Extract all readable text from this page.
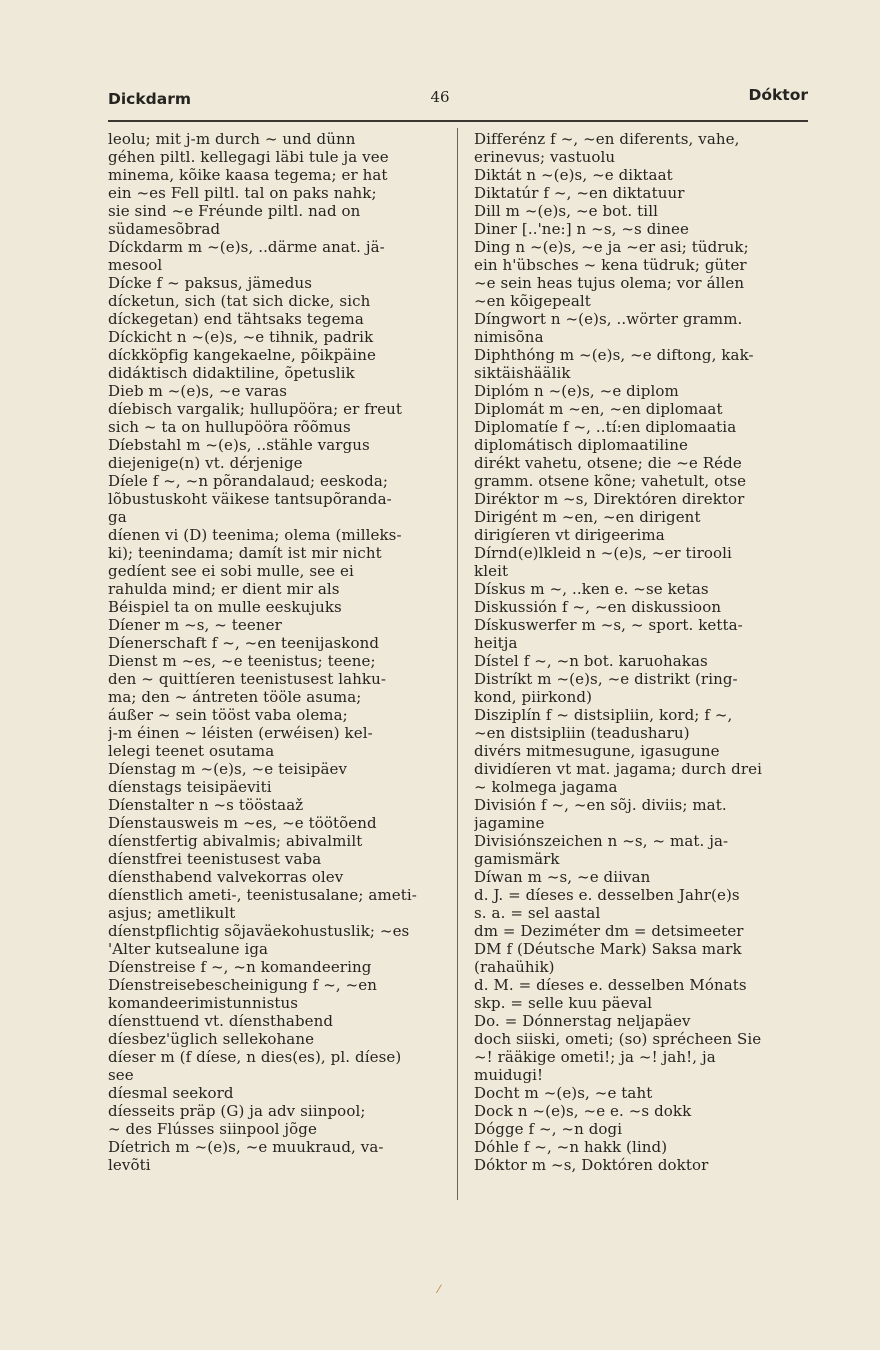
Dickdarm	46	Dóktor
leolu; mit j-m durch ~ und dünn
géhen piltl. kellegagi läbi tule ja vee
minema, kõike kaasa tegema; er hat
ein ~es Fell piltl. tal on paks nahk;
sie sind ~e Fréunde piltl. nad on
südamesõbrad
Díckdarm m ~(e)s, ..därme anat. jä-
mesool
Dícke f ~ paksus, jämedus
dícketun, sich (tat sich dicke, sich
díckegetan) end tähtsaks tegema
Díckicht n ~(e)s, ~e tihnik, padrik
díckköpfig kangekaelne, põikpäine
didáktisch didaktiline, õpetuslik
Dieb m ~(e)s, ~e varas
díebisch vargalik; hullupööra; er freut
sich ~ ta on hullupööra rõõmus
Díebstahl m ~(e)s, ..stähle vargus
diejenige(n) vt. dérjenige
Díele f ~, ~n põrandalaud; eeskoda;
lõbustuskoht väikese tantsupõranda-
ga
díenen vi (D) teenima; olema (milleks-
ki); teenindama; damít ist mir nicht
gedíent see ei sobi mulle, see ei
rahulda mind; er dient mir als
Béispiel ta on mulle eeskujuks
Díener m ~s, ~ teener
Díenerschaft f ~, ~en teenijaskond
Dienst m ~es, ~e teenistus; teene;
den ~ quittíeren teenistusest lahku-
ma; den ~ ántreten tööle asuma;
áußer ~ sein tööst vaba olema;
j-m éinen ~ léisten (erwéisen) kel-
lelegi teenet osutama
Díenstag m ~(e)s, ~e teisipäev
díenstags teisipäeviti
Díenstalter n ~s tööstaaž
Díenstausweis m ~es, ~e töötõend
díenstfertig abivalmis; abivalmilt
díenstfrei teenistusest vaba
díensthabend valvekorras olev
díenstlich ameti-, teenistusalane; ameti-
asjus; ametlikult
díenstpflichtig sõjaväekohustuslik; ~es
'Alter kutsealune iga
Díenstreise f ~, ~n komandeering
Díenstreisebescheinigung f ~, ~en
komandeerimistunnistus
díensttuend vt. díensthabend
díesbez'üglich sellekohane
díeser m (f díese, n dies(es), pl. díese)
see
díesmal seekord
díesseits präp (G) ja adv siinpool;
~ des Flússes siinpool jõge
Díetrich m ~(e)s, ~e muukraud, va-
levõti
Differénz f ~, ~en diferents, vahe,
erinevus; vastuolu
Diktát n ~(e)s, ~e diktaat
Diktatúr f ~, ~en diktatuur
Dill m ~(e)s, ~e bot. till
Diner [..'ne:] n ~s, ~s dinee
Ding n ~(e)s, ~e ja ~er asi; tüdruk;
ein h'übsches ~ kena tüdruk; güter
~e sein heas tujus olema; vor állen
~en kõigepealt
Díngwort n ~(e)s, ..wörter gramm.
nimisõna
Diphthóng m ~(e)s, ~e diftong, kak-
siktäishäälik
Diplóm n ~(e)s, ~e diplom
Diplomát m ~en, ~en diplomaat
Diplomatíe f ~, ..tí:en diplomaatia
diplomátisch diplomaatiline
dirékt vahetu, otsene; die ~e Réde
gramm. otsene kõne; vahetult, otse
Diréktor m ~s, Direktóren direktor
Dirigént m ~en, ~en dirigent
dirigíeren vt dirigeerima
Dírnd(e)lkleid n ~(e)s, ~er tirooli
kleit
Dískus m ~, ..ken e. ~se ketas
Diskussión f ~, ~en diskussioon
Dískuswerfer m ~s, ~ sport. ketta-
heitja
Dístel f ~, ~n bot. karuohakas
Distríkt m ~(e)s, ~e distrikt (ring-
kond, piirkond)
Disziplín f ~ distsipliin, kord; f ~,
~en distsipliin (teadusharu)
divérs mitmesugune, igasugune
dividíeren vt mat. jagama; durch drei
~ kolmega jagama
División f ~, ~en sõj. diviis; mat.
jagamine
Divisiónszeichen n ~s, ~ mat. ja-
gamismärk
Díwan m ~s, ~e diivan
d. J. = díeses e. desselben Jahr(e)s
s. a. = sel aastal
dm = Deziméter dm = detsimeeter
DM f (Déutsche Mark) Saksa mark
(rahaühik)
d. M. = díeses e. desselben Mónats
skp. = selle kuu päeval
Do. = Dónnerstag neljapäev
doch siiski, ometi; (so) sprécheen Sie
~! rääkige ometi!; ja ~! jah!, ja
muidugi!
Docht m ~(e)s, ~e taht
Dock n ~(e)s, ~e e. ~s dokk
Dógge f ~, ~n dogi
Dóhle f ~, ~n hakk (lind)
Dóktor m ~s, Doktóren doktor
⁄
